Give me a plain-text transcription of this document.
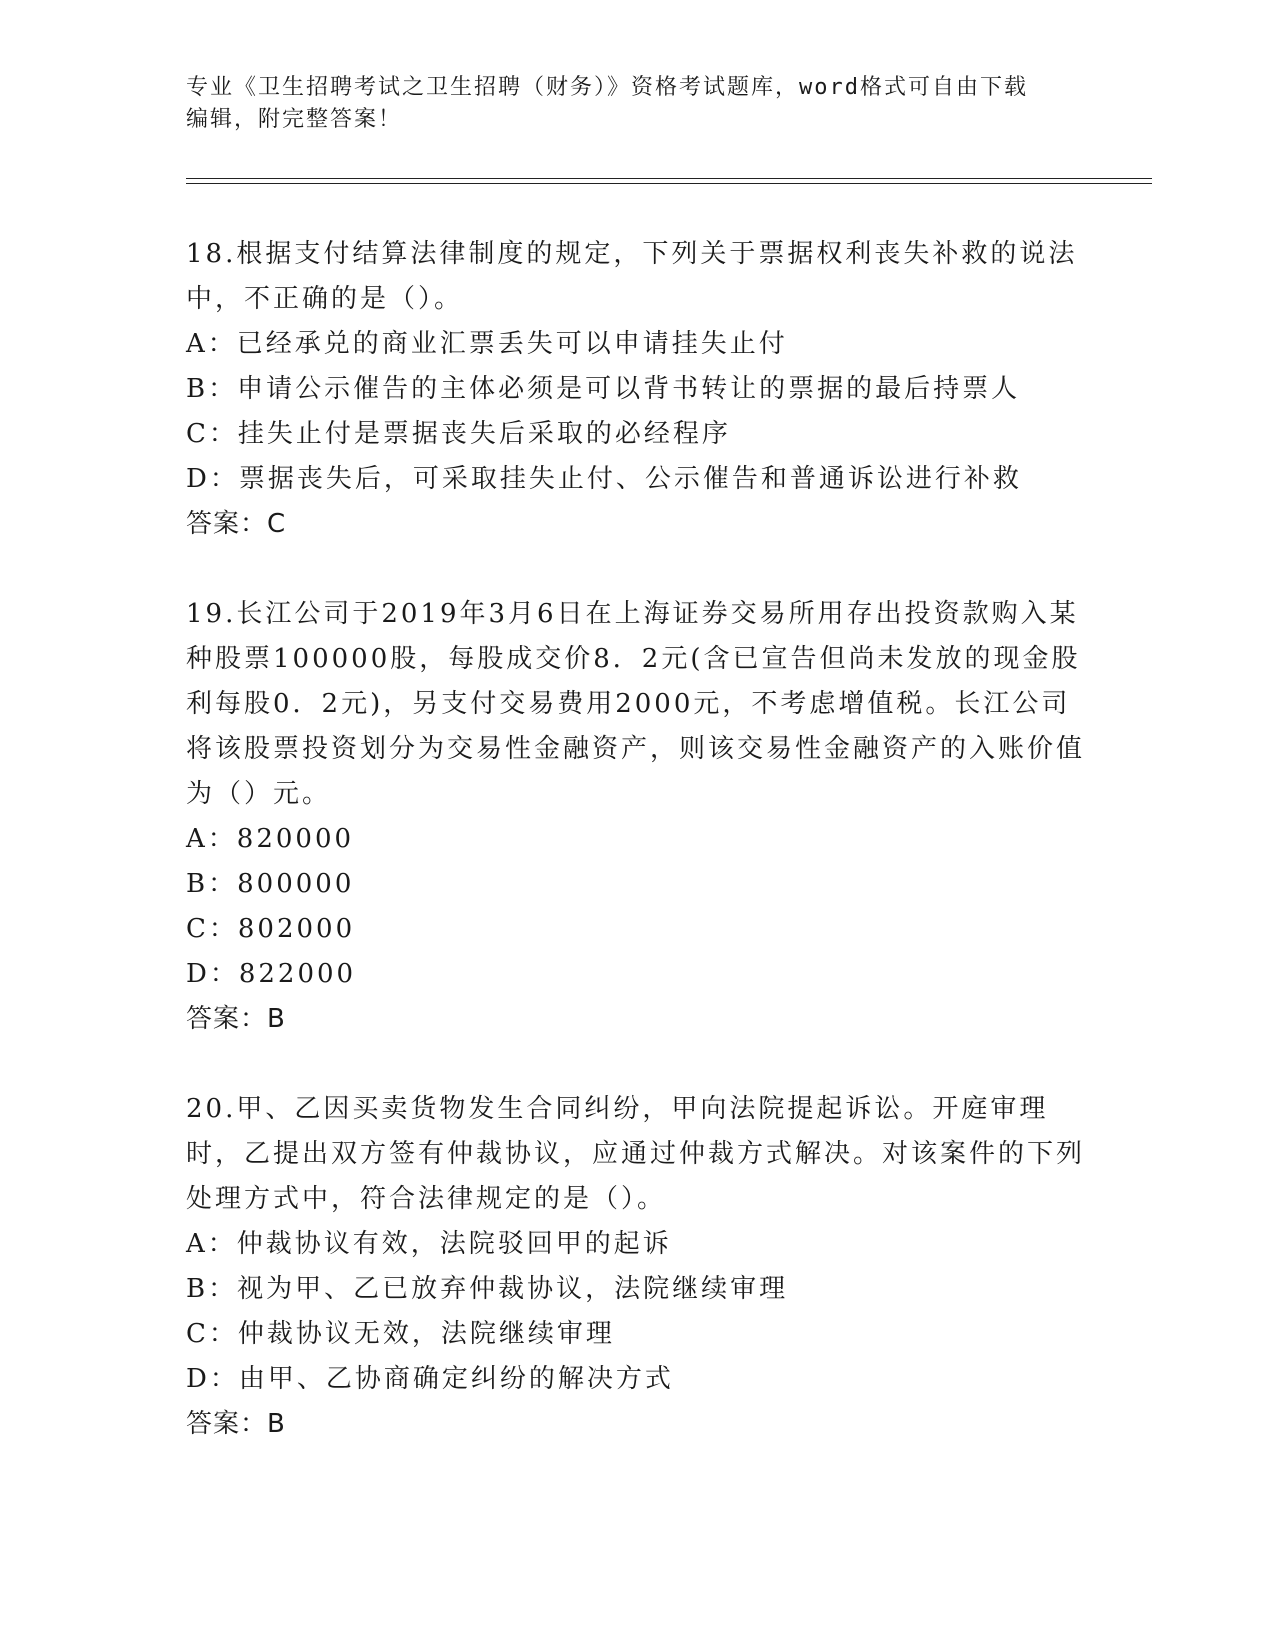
专业《卫生招聘考试之卫生招聘（财务）》资格考试题库，word格式可自由下载
编辑，附完整答案！
18.根据支付结算法律制度的规定，下列关于票据权利丧失补救的说法中，不正确的是（）。
A：已经承兑的商业汇票丢失可以申请挂失止付
B：申请公示催告的主体必须是可以背书转让的票据的最后持票人
C：挂失止付是票据丧失后采取的必经程序
D：票据丧失后，可采取挂失止付、公示催告和普通诉讼进行补救
答案：C
19.长江公司于2019年3月6日在上海证券交易所用存出投资款购入某种股票100000股，每股成交价8．2元(含已宣告但尚未发放的现金股利每股0．2元)，另支付交易费用2000元，不考虑增值税。长江公司将该股票投资划分为交易性金融资产，则该交易性金融资产的入账价值为（）元。
A：820000
B：800000
C：802000
D：822000
答案：B
20.甲、乙因买卖货物发生合同纠纷，甲向法院提起诉讼。开庭审理时，乙提出双方签有仲裁协议，应通过仲裁方式解决。对该案件的下列处理方式中，符合法律规定的是（）。
A：仲裁协议有效，法院驳回甲的起诉
B：视为甲、乙已放弃仲裁协议，法院继续审理
C：仲裁协议无效，法院继续审理
D：由甲、乙协商确定纠纷的解决方式
答案：B
